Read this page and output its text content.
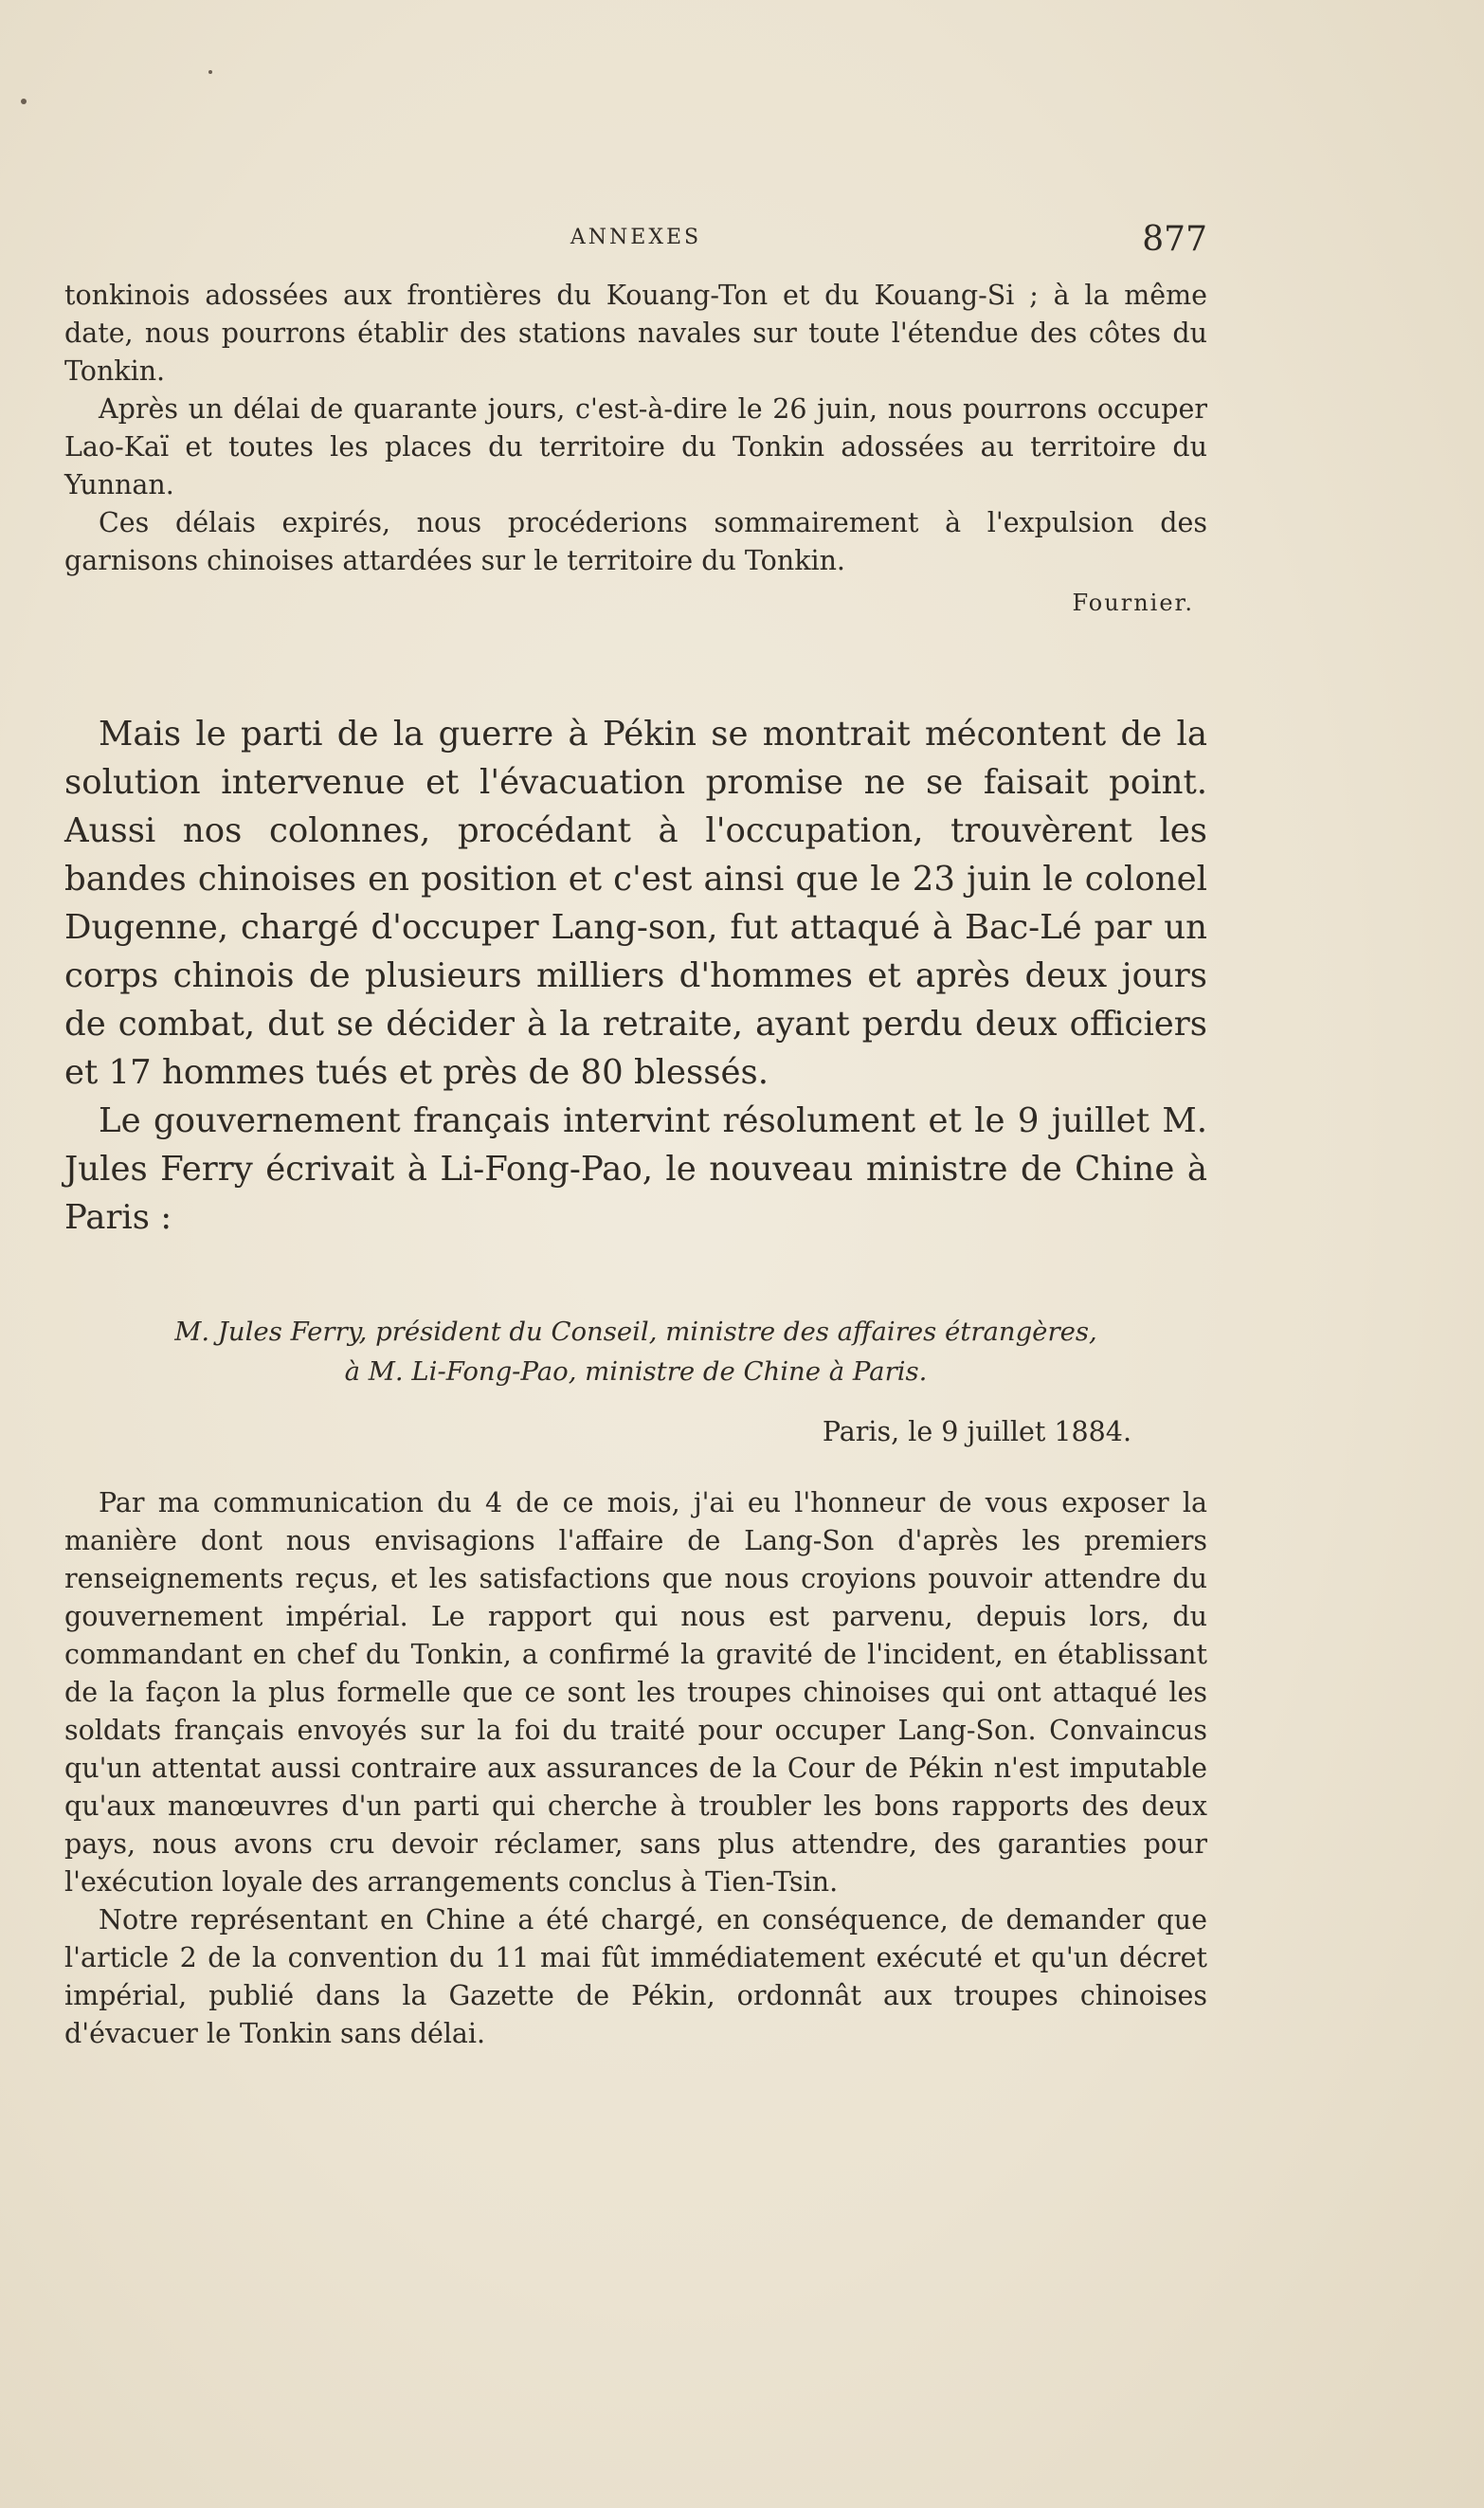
ANNEXES	877

tonkinois adossées aux frontières du Kouang-Ton et du Kouang-Si ; à la même date, nous pourrons établir des stations navales sur toute l'étendue des côtes du Tonkin.

Après un délai de quarante jours, c'est-à-dire le 26 juin, nous pourrons occuper Lao-Kaï et toutes les places du territoire du Tonkin adossées au territoire du Yunnan.

Ces délais expirés, nous procéderions sommairement à l'expulsion des garnisons chinoises attardées sur le territoire du Tonkin.

Fournier.

Mais le parti de la guerre à Pékin se montrait mécontent de la solution intervenue et l'évacuation promise ne se faisait point. Aussi nos colonnes, procédant à l'occupation, trouvèrent les bandes chinoises en position et c'est ainsi que le 23 juin le colonel Dugenne, chargé d'occuper Lang-son, fut attaqué à Bac-Lé par un corps chinois de plusieurs milliers d'hommes et après deux jours de combat, dut se décider à la retraite, ayant perdu deux officiers et 17 hommes tués et près de 80 blessés.

Le gouvernement français intervint résolument et le 9 juillet M. Jules Ferry écrivait à Li-Fong-Pao, le nouveau ministre de Chine à Paris :

M. Jules Ferry, président du Conseil, ministre des affaires étrangères,

à M. Li-Fong-Pao, ministre de Chine à Paris.

Paris, le 9 juillet 1884.

Par ma communication du 4 de ce mois, j'ai eu l'honneur de vous exposer la manière dont nous envisagions l'affaire de Lang-Son d'après les premiers renseignements reçus, et les satisfactions que nous croyions pouvoir attendre du gouvernement impérial. Le rapport qui nous est parvenu, depuis lors, du commandant en chef du Tonkin, a confirmé la gravité de l'incident, en établissant de la façon la plus formelle que ce sont les troupes chinoises qui ont attaqué les soldats français envoyés sur la foi du traité pour occuper Lang-Son. Convaincus qu'un attentat aussi contraire aux assurances de la Cour de Pékin n'est imputable qu'aux manœuvres d'un parti qui cherche à troubler les bons rapports des deux pays, nous avons cru devoir réclamer, sans plus attendre, des garanties pour l'exécution loyale des arrangements conclus à Tien-Tsin.

Notre représentant en Chine a été chargé, en conséquence, de demander que l'article 2 de la convention du 11 mai fût immédiatement exécuté et qu'un décret impérial, publié dans la Gazette de Pékin, ordonnât aux troupes chinoises d'évacuer le Tonkin sans délai.
